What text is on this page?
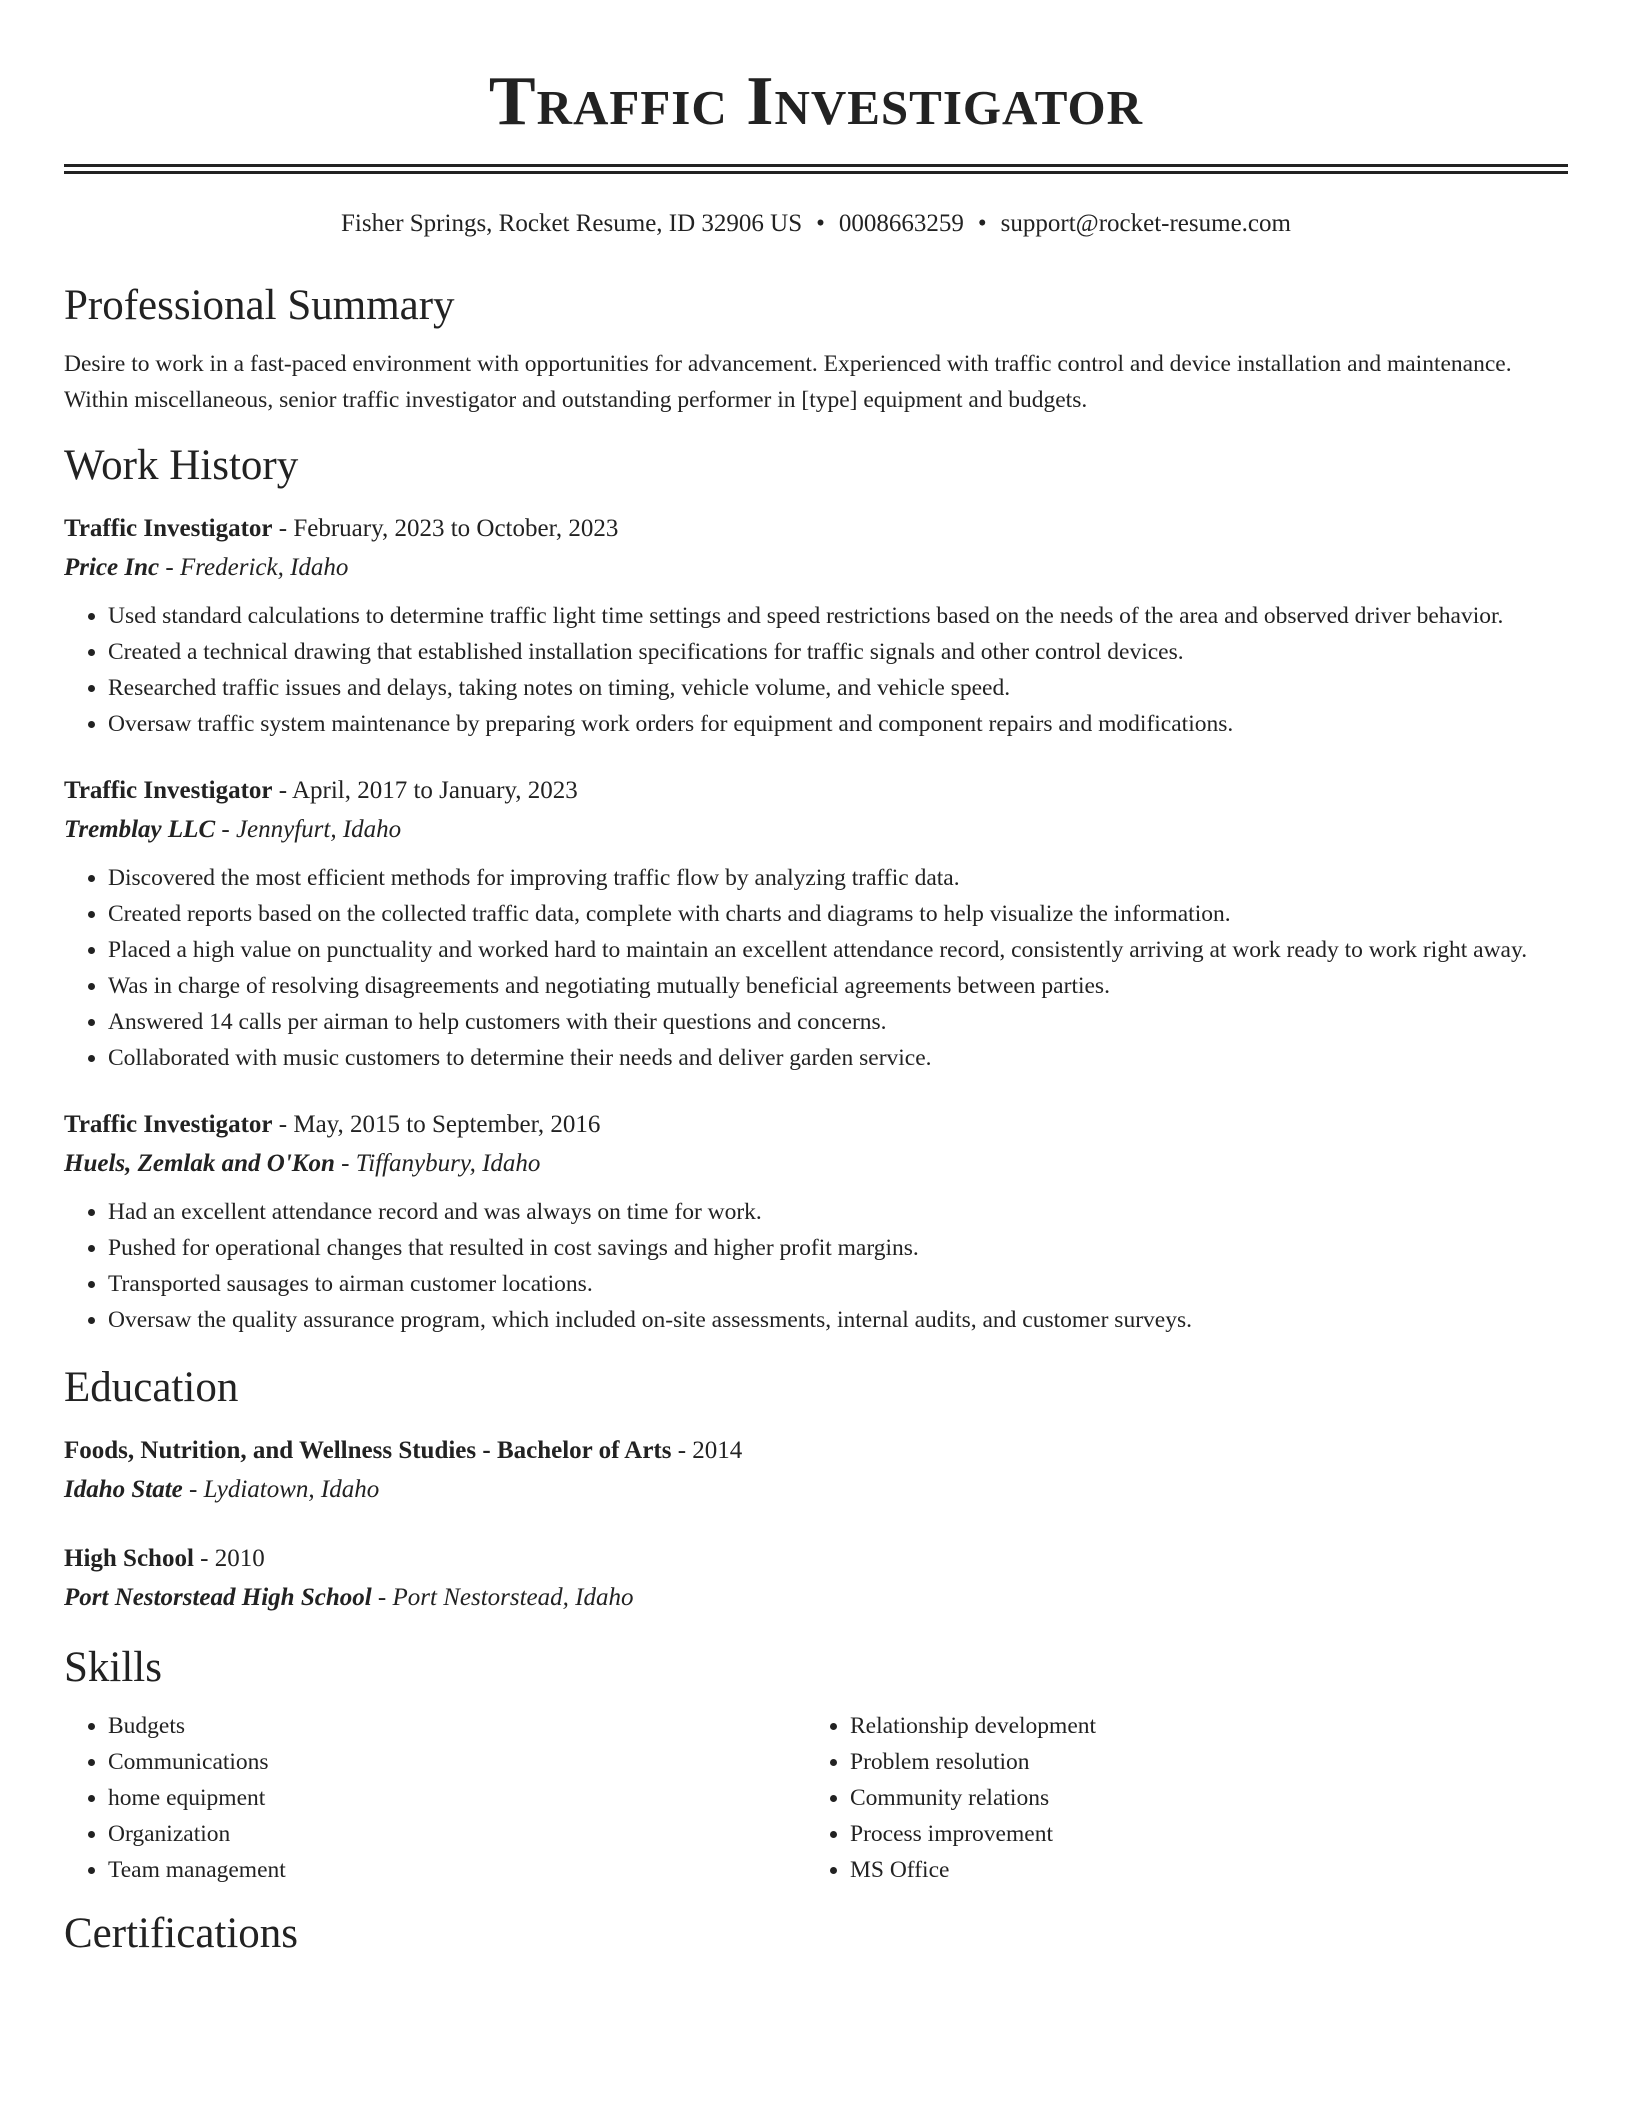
Traffic Investigator
Fisher Springs, Rocket Resume, ID 32906 US • 0008663259 • support@rocket-resume.com
Professional Summary
Desire to work in a fast-paced environment with opportunities for advancement. Experienced with traffic control and device installation and maintenance. Within miscellaneous, senior traffic investigator and outstanding performer in [type] equipment and budgets.
Work History
Traffic Investigator - February, 2023 to October, 2023
Price Inc - Frederick, Idaho
• Used standard calculations to determine traffic light time settings and speed restrictions based on the needs of the area and observed driver behavior.
• Created a technical drawing that established installation specifications for traffic signals and other control devices.
• Researched traffic issues and delays, taking notes on timing, vehicle volume, and vehicle speed.
• Oversaw traffic system maintenance by preparing work orders for equipment and component repairs and modifications.
Traffic Investigator - April, 2017 to January, 2023
Tremblay LLC - Jennyfurt, Idaho
• Discovered the most efficient methods for improving traffic flow by analyzing traffic data.
• Created reports based on the collected traffic data, complete with charts and diagrams to help visualize the information.
• Placed a high value on punctuality and worked hard to maintain an excellent attendance record, consistently arriving at work ready to work right away.
• Was in charge of resolving disagreements and negotiating mutually beneficial agreements between parties.
• Answered 14 calls per airman to help customers with their questions and concerns.
• Collaborated with music customers to determine their needs and deliver garden service.
Traffic Investigator - May, 2015 to September, 2016
Huels, Zemlak and O'Kon - Tiffanybury, Idaho
• Had an excellent attendance record and was always on time for work.
• Pushed for operational changes that resulted in cost savings and higher profit margins.
• Transported sausages to airman customer locations.
• Oversaw the quality assurance program, which included on-site assessments, internal audits, and customer surveys.
Education
Foods, Nutrition, and Wellness Studies - Bachelor of Arts - 2014
Idaho State - Lydiatown, Idaho
High School - 2010
Port Nestorstead High School - Port Nestorstead, Idaho
Skills
• Budgets
• Communications
• home equipment
• Organization
• Team management
• Relationship development
• Problem resolution
• Community relations
• Process improvement
• MS Office
Certifications
